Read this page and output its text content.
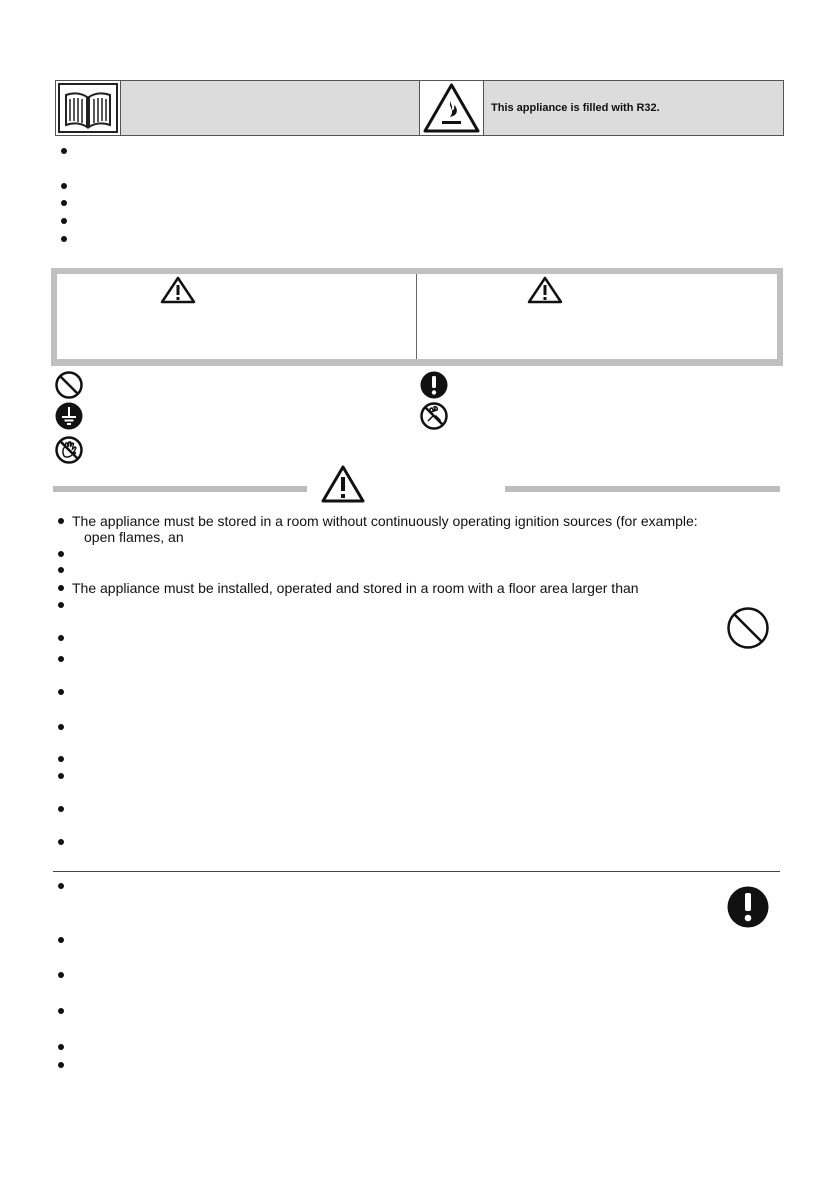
This appliance is filled with R32.
The appliance must be stored in a room without continuously operating ignition sources (for example:
open flames, an
The appliance must be installed, operated and stored in a room with a floor area larger than
